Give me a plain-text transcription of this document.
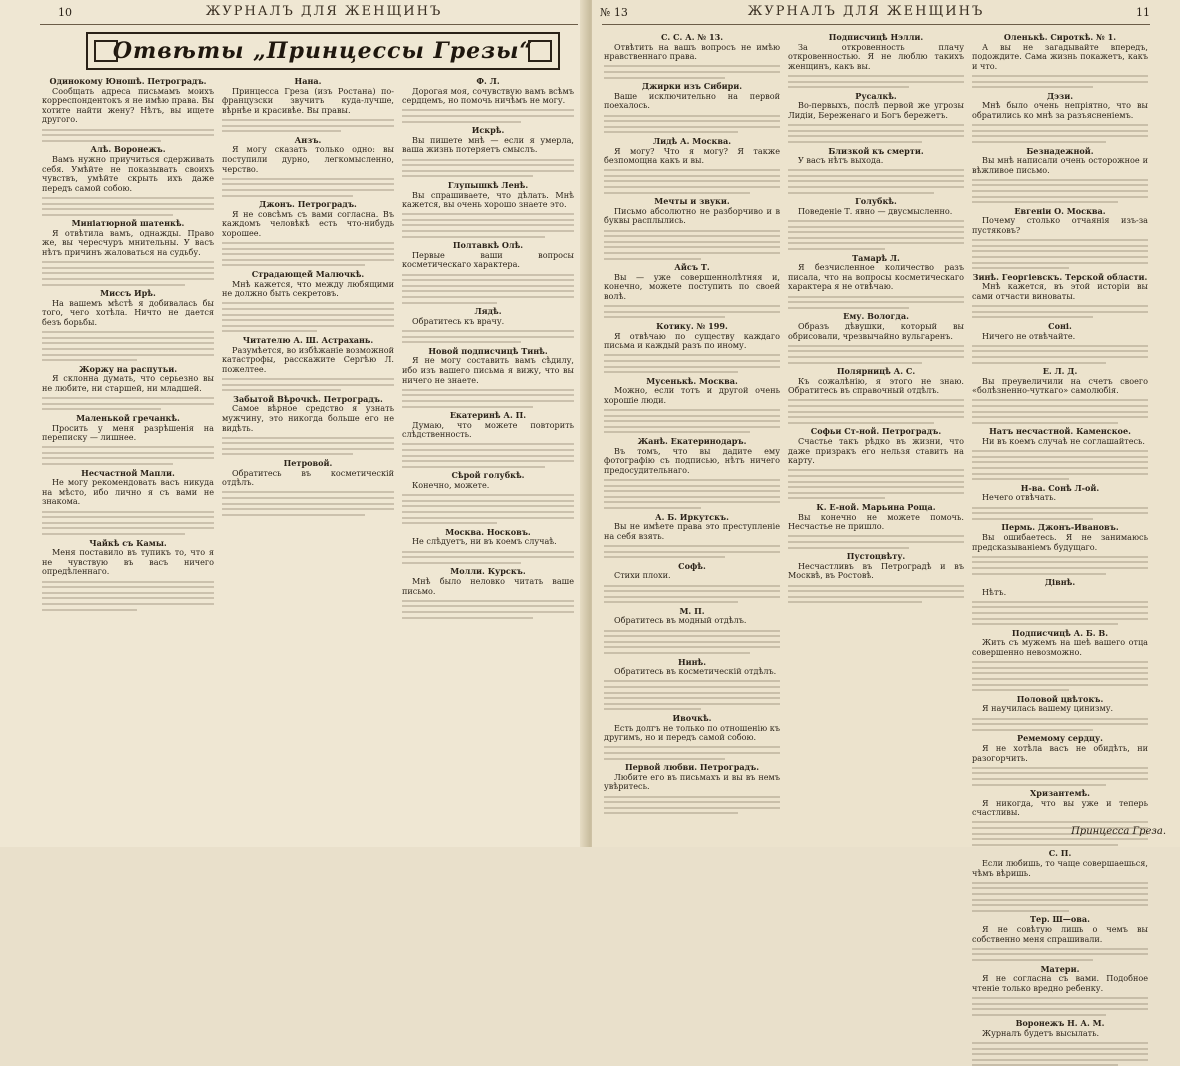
10	ЖУРНАЛЪ ДЛЯ ЖЕНЩИНЪ
Отвѣты „Принцессы Грезы“

Одинокому Юношѣ. Петроградъ.

Сообщать адреса письмамъ моихъ корреспондентокъ я не имѣю права. Вы хотите найти жену? Нѣтъ, вы ищете другого.

Алѣ. Воронежъ.

Вамъ нужно приучиться сдерживать себя. Умѣйте не показывать своихъ чувствъ, умѣйте скрыть ихъ даже передъ самой собою.

Миніатюрной шатенкѣ.

Я отвѣтила вамъ, однажды. Право же, вы чересчуръ мнительны. У васъ нѣтъ причинъ жаловаться на судьбу.

Миссъ Ирѣ.

На вашемъ мѣстѣ я добивалась бы того, чего хотѣла. Ничто не дается безъ борьбы.

Жоржу на распутьи.

Я склонна думать, что серьезно вы не любите, ни старшей, ни младшей.

Маленькой гречанкѣ.

Просить у меня разрѣшенія на переписку — лишнее.

Несчастной Мапли.

Не могу рекомендовать васъ никуда на мѣсто, ибо лично я съ вами не знакома.

Чайкѣ съ Камы.

Меня поставило въ тупикъ то, что я не чувствую въ васъ ничего опредѣленнаго.

Нана.

Принцесса Греза (изъ Ростана) по-французски звучитъ куда-лучше, вѣрнѣе и красивѣе. Вы правы.

Анзъ.

Я могу сказать только одно: вы поступили дурно, легкомысленно, черство.

Джонъ. Петроградъ.

Я не совсѣмъ съ вами согласна. Въ каждомъ человѣкѣ есть что-нибудь хорошее.

Страдающей Малючкѣ.

Мнѣ кажется, что между любящими не должно быть секретовъ.

Читателю А. Ш. Астрахань.

Разумѣется, во избѣжаніе возможной катастрофы, расскажите Сергѣю Л. пожелтее.

Забытой Вѣрочкѣ. Петроградъ.

Самое вѣрное средство я узнать мужчину, это никогда больше его не видѣть.

Петровой.

Обратитесь въ косметическій отдѣлъ.

Ф. Л.

Дорогая моя, сочувствую вамъ всѣмъ сердцемъ, но помочь ничѣмъ не могу.

Искрѣ.

Вы пишете мнѣ — если я умерла, ваша жизнь потеряетъ смыслъ.

Глупышкѣ Ленѣ.

Вы спрашиваете, что дѣлать. Мнѣ кажется, вы очень хорошо знаете это.

Полтавкѣ Олѣ.

Первые ваши вопросы косметическаго характера.

Лядѣ.

Обратитесь къ врачу.

Новой подписчицѣ Тинѣ.

Я не могу составить вамъ сѣдилу, ибо изъ вашего письма я вижу, что вы ничего не знаете.

Екатеринѣ А. П.

Думаю, что можете повторить слѣдственность.

Сѣрой голубкѣ.

Конечно, можете.

Москва. Носковъ.

Не слѣдуетъ, ни въ коемъ случаѣ.

Молли. Курскъ.

Мнѣ было неловко читать ваше письмо.

№ 13	ЖУРНАЛЪ ДЛЯ ЖЕНЩИНЪ	11

С. С. А. № 13.

Отвѣтить на вашъ вопросъ не имѣю нравственнаго права.

Джирки изъ Сибири.

Ваше исключительно на первой поехалось.

Лидѣ А. Москва.

Я могу? Что я могу? Я также безпомощна какъ и вы.

Мечты и звуки.

Письмо абсолютно не разборчиво и в буквы расплылись.

Айсъ Т.

Вы — уже совершеннолѣтняя и, конечно, можете поступить по своей волѣ.

Котику. № 199.

Я отвѣчаю по существу каждаго письма и каждый разъ по иному.

Мусенькѣ. Москва.

Можно, если тотъ и другой очень хорошіе люди.

Жанѣ. Екатеринодаръ.

Въ томъ, что вы дадите ему фотографію съ подписью, нѣтъ ничего предосудительнаго.

А. Б. Иркутскъ.

Вы не имѣете права это преступленіе на себя взять.

Софѣ.

Стихи плохи.

М. П.

Обратитесь въ модный отдѣлъ.

Нинѣ.

Обратитесь въ косметическій отдѣлъ.

Ивочкѣ.

Есть долгъ не только по отношенію къ другимъ, но и передъ самой собою.

Первой любви. Петроградъ.

Любите его въ письмахъ и вы въ немъ увѣритесь.

Подписчицѣ Нэлли.

За откровенность плачу откровенностью. Я не люблю такихъ женщинъ, какъ вы.

Русалкѣ.

Во-первыхъ, послѣ первой же угрозы Лидіи, Береженаго и Богъ бережетъ.

Близкой къ смерти.

У васъ нѣтъ выхода.

Голубкѣ.

Поведеніе Т. явно — двусмысленно.

Тамарѣ Л.

Я безчисленное количество разъ писала, что на вопросы косметическаго характера я не отвѣчаю.

Ему. Вологда.

Образъ дѣвушки, который вы обрисовали, чрезвычайно вульгаренъ.

Полярницѣ А. С.

Къ сожалѣнію, я этого не знаю. Обратитесь въ справочный отдѣлъ.

Софьи Ст-ной. Петроградъ.

Счастье такъ рѣдко въ жизни, что даже призракъ его нельзя ставить на карту.

К. Е-ной. Марьина Роща.

Вы конечно не можете помочь. Несчастье не пришло.

Пустоцвѣту.

Несчастливъ въ Петроградѣ и въ Москвѣ, въ Ростовѣ.

Оленькѣ. Сироткѣ. № 1.

А вы не загадывайте впередъ, подождите. Сама жизнь покажетъ, какъ и что.

Дэзи.

Мнѣ было очень непріятно, что вы обратились ко мнѣ за разъясненіемъ.

Безнадежной.

Вы мнѣ написали очень осторожное и вѣжливое письмо.

Евгеніи О. Москва.

Почему столько отчаянія изъ-за пустяковъ?

Зинѣ. Георгіевскъ. Терской области.

Мнѣ кажется, въ этой исторіи вы сами отчасти виноваты.

Соні.

Ничего не отвѣчайте.

Е. Л. Д.

Вы преувеличили на счетъ своего «болѣзненно-чуткаго» самолюбія.

Натъ несчастной. Каменское.

Ни въ коемъ случаѣ не соглашайтесь.

Н-ва. Сонѣ Л-ой.

Нечего отвѣчать.

Пермь. Джонъ-Ивановъ.

Вы ошибаетесь. Я не занимаюсь предсказываніемъ будущаго.

Дівнѣ.

Нѣтъ.

Подписчицѣ А. Б. В.

Жить съ мужемъ на шеѣ вашего отца совершенно невозможно.

Половой цвѣтокъ.

Я научилась вашему цинизму.

Ремемому сердцу.

Я не хотѣла васъ не обидѣть, ни разогорчить.

Хризантемѣ.

Я никогда, что вы уже и теперь счастливы.

С. П.

Если любишь, то чаще совершаешься, чѣмъ вѣришь.

Тер. Ш—ова.

Я не совѣтую лишь о чемъ вы собственно меня спрашивали.

Матери.

Я не согласна съ вами. Подобное чтеніе только вредно ребенку.

Воронежъ Н. А. М.

Журналъ будетъ высылать.

Принцесса Греза.
